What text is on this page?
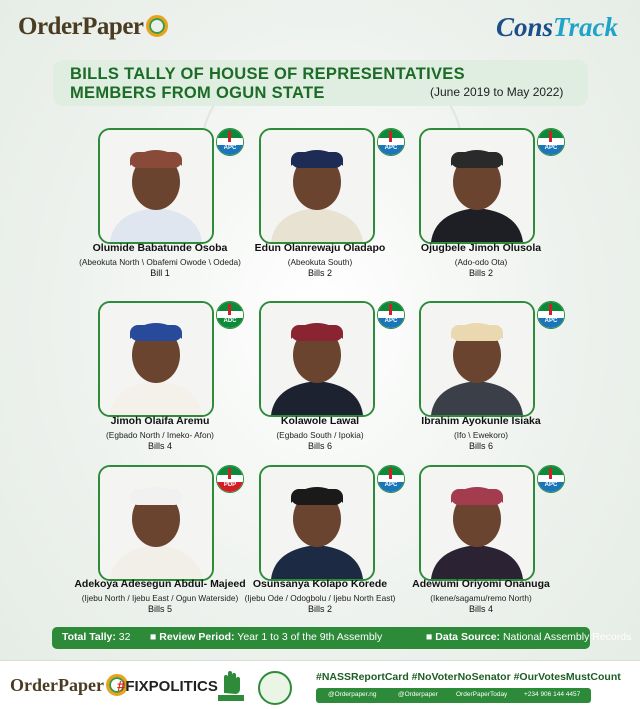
OrderPaper	ConsTrack
BILLS TALLY OF HOUSE OF REPRESENTATIVES
MEMBERS FROM OGUN STATE	(June 2019 to May 2022)
APC
Olumide Babatunde Osoba
(Abeokuta North \ Obafemi Owode \ Odeda)
Bill 1
APC
Edun Olanrewaju Oladapo
(Abeokuta South)
Bills 2
APC
Ojugbele Jimoh Olusola
(Ado-odo Ota)
Bills 2
ADC
Jimoh Olaifa Aremu
(Egbado North / Imeko- Afon)
Bills 4
APC
Kolawole Lawal
(Egbado South / Ipokia)
Bills 6
APC
Ibrahim Ayokunle Isiaka
(Ifo \ Ewekoro)
Bills 6
PDP
Adekoya Adesegun Abdul- Majeed
(Ijebu North / Ijebu East / Ogun Waterside)
Bills 5
APC
Osunsanya Kolapo Korede
(Ijebu Ode / Odogbolu / Ijebu North East)
Bills 2
APC
Adewumi Oriyomi Onanuga
(Ikene/sagamu/remo North)
Bills 4
Total Tally: 32 ■ Review Period: Year 1 to 3 of the 9th Assembly	■ Data Source: National Assembly Records
OrderPaper #FIXPOLITICS
#NASSReportCard #NoVoterNoSenator #OurVotesMustCount
@Orderpaper.ng	@Orderpaper	OrderPaperToday	+234 906 144 4457
